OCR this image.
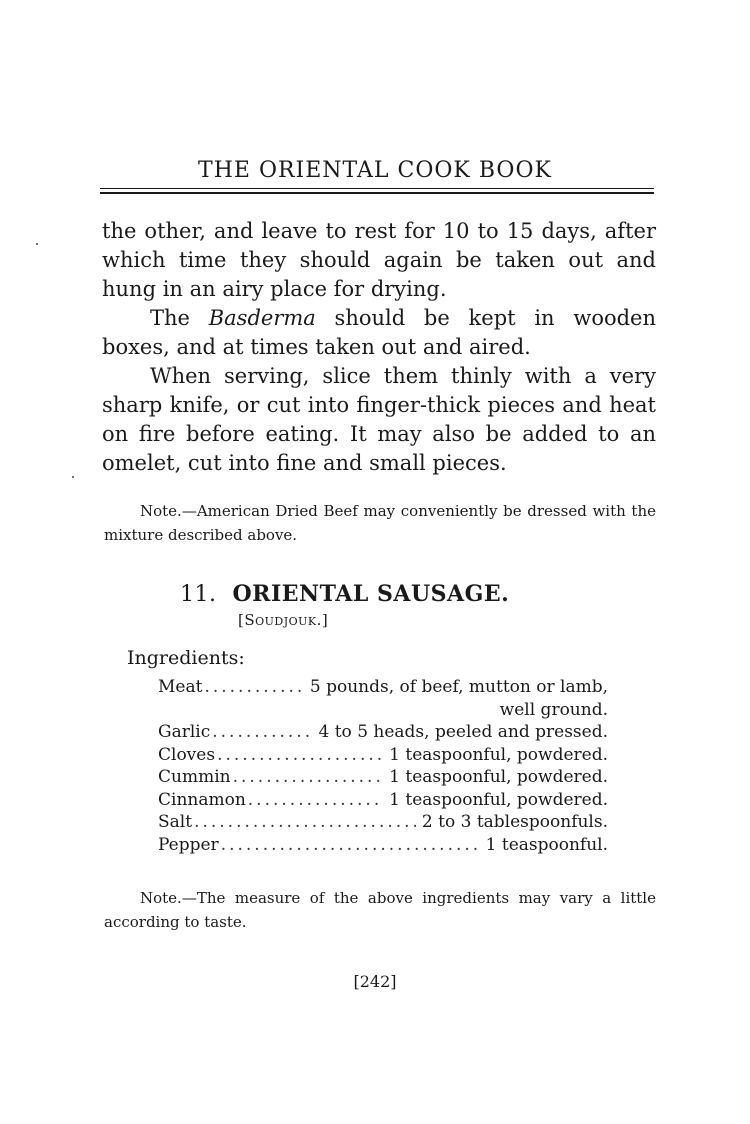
THE ORIENTAL COOK BOOK

the other, and leave to rest for 10 to 15 days, after which time they should again be taken out and hung in an airy place for drying.

The Basderma should be kept in wooden boxes, and at times taken out and aired.

When serving, slice them thinly with a very sharp knife, or cut into finger-thick pieces and heat on fire before eating. It may also be added to an omelet, cut into fine and small pieces.

Note.—American Dried Beef may conveniently be dressed with the mixture described above.
11. ORIENTAL SAUSAGE.
[Soudjouk.]
Ingredients:
Meat .....	5 pounds, of beef, mutton or lamb,
well ground.
Garlic .....	4 to 5 heads, peeled and pressed.
Cloves .....	1 teaspoonful, powdered.
Cummin .....	1 teaspoonful, powdered.
Cinnamon .....	1 teaspoonful, powdered.
Salt .....	2 to 3 tablespoonfuls.
Pepper .....	1 teaspoonful.
Note.—The measure of the above ingredients may vary a little according to taste.
[242]
